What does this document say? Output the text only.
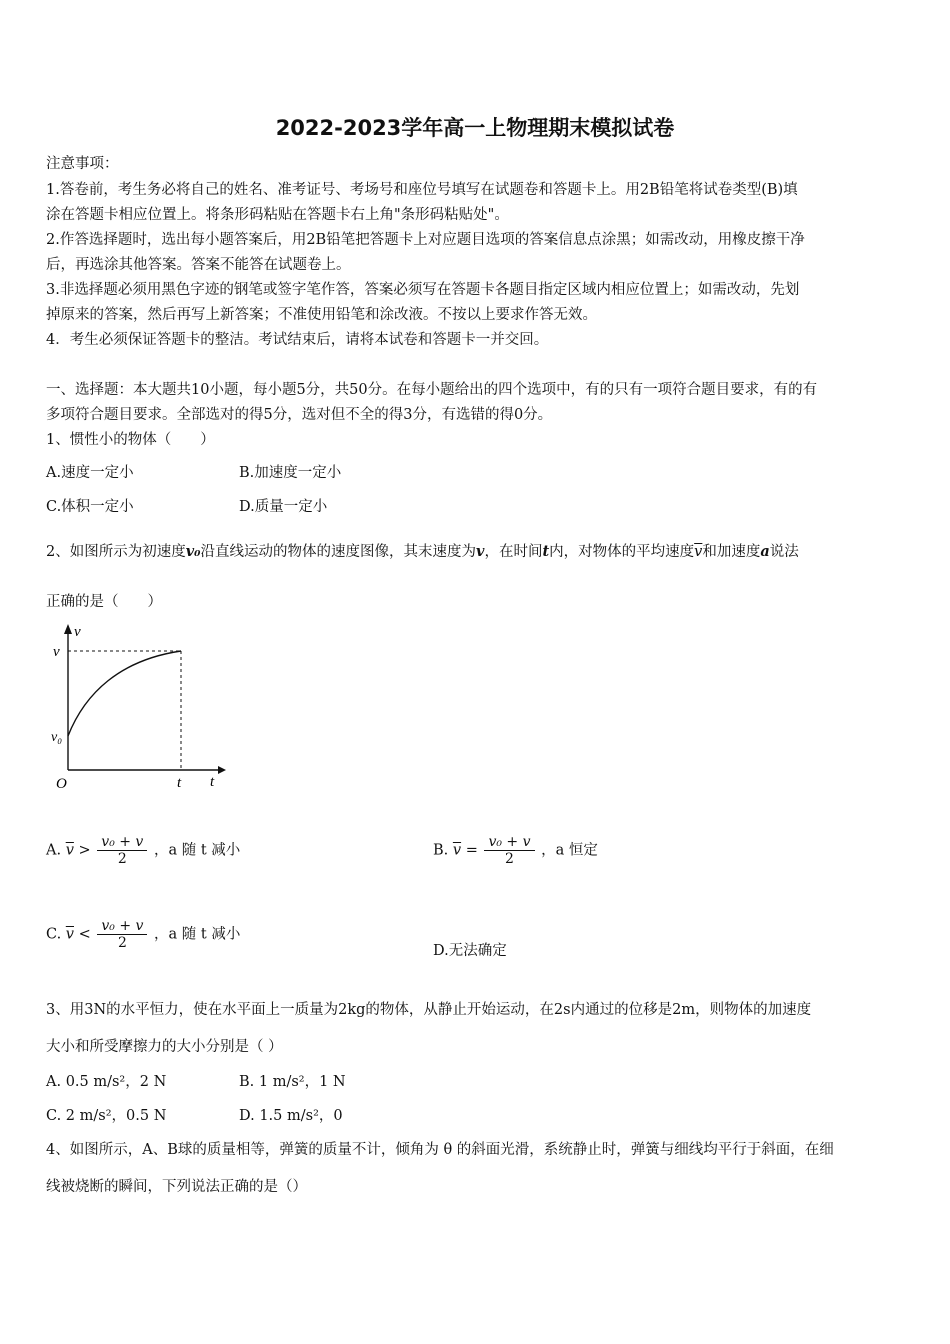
2022-2023学年高一上物理期末模拟试卷
注意事项：
1.答卷前，考生务必将自己的姓名、准考证号、考场号和座位号填写在试题卷和答题卡上。用2B铅笔将试卷类型(B)填
涂在答题卡相应位置上。将条形码粘贴在答题卡右上角"条形码粘贴处"。
2.作答选择题时，选出每小题答案后，用2B铅笔把答题卡上对应题目选项的答案信息点涂黑；如需改动，用橡皮擦干净
后，再选涂其他答案。答案不能答在试题卷上。
3.非选择题必须用黑色字迹的钢笔或签字笔作答，答案必须写在答题卡各题目指定区域内相应位置上；如需改动，先划
掉原来的答案，然后再写上新答案；不准使用铅笔和涂改液。不按以上要求作答无效。
4．考生必须保证答题卡的整洁。考试结束后，请将本试卷和答题卡一并交回。
一、选择题：本大题共10小题，每小题5分，共50分。在每小题给出的四个选项中，有的只有一项符合题目要求，有的有
多项符合题目要求。全部选对的得5分，选对但不全的得3分，有选错的得0分。
1、惯性小的物体（　　）
A.速度一定小	B.加速度一定小
C.体积一定小	D.质量一定小
2、如图所示为初速度v₀沿直线运动的物体的速度图像，其末速度为v，在时间t内，对物体的平均速度$\overline{v}$和加速度a说法
正确的是（　　）
v
t
v
v₀
O	t
A. $\overline{v} > \frac{\text{v₀ + v}}{2}$ ，a 随 t 减小	B. $\overline{v} = \frac{\text{v₀ + v}}{2}$ ，a 恒定
C. $\overline{v} < \frac{\text{v₀ + v}}{2}$ ，a 随 t 减小
D.无法确定
3、用3N的水平恒力，使在水平面上一质量为2kg的物体，从静止开始运动，在2s内通过的位移是2m，则物体的加速度
大小和所受摩擦力的大小分别是（ ）
A. 0.5 m/s²，2 N	B. 1 m/s²，1 N
C. 2 m/s²，0.5 N	D. 1.5 m/s²，0
4、如图所示，A、B球的质量相等，弹簧的质量不计，倾角为 θ 的斜面光滑，系统静止时，弹簧与细线均平行于斜面，在细
线被烧断的瞬间，下列说法正确的是（）
